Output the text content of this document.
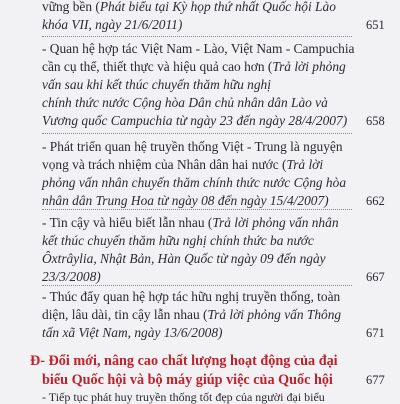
vững bền (Phát biểu tại Kỳ họp thứ nhất Quốc hội Lào
khóa VII, ngày 21/6/2011)	651
- Quan hệ hợp tác Việt Nam - Lào, Việt Nam - Campuchia
cần cụ thể, thiết thực và hiệu quả cao hơn (Trả lời phỏng
vấn sau khi kết thúc chuyến thăm hữu nghị
chính thức nước Cộng hòa Dân chủ nhân dân Lào và
Vương quốc Campuchia từ ngày 23 đến ngày 28/4/2007) 658
- Phát triển quan hệ truyền thống Việt - Trung là nguyện
vọng và trách nhiệm của Nhân dân hai nước (Trả lời
phỏng vấn nhân chuyến thăm chính thức nước Cộng hòa
nhân dân Trung Hoa từ ngày 08 đến ngày 15/4/2007)	662
- Tin cậy và hiểu biết lẫn nhau (Trả lời phỏng vấn nhân
kết thúc chuyến thăm hữu nghị chính thức ba nước
Ôxtrâylia, Nhật Bản, Hàn Quốc từ ngày 09 đến ngày
23/3/2008)	667
- Thúc đẩy quan hệ hợp tác hữu nghị truyền thống, toàn
diện, lâu dài, tin cậy lẫn nhau (Trả lời phỏng vấn Thông
tấn xã Việt Nam, ngày 13/6/2008)	671
Đ- Đổi mới, nâng cao chất lượng hoạt động của đại
biểu Quốc hội và bộ máy giúp việc của Quốc hội	677
- Tiếp tục phát huy truyền thống tốt đẹp của người đại biểu
